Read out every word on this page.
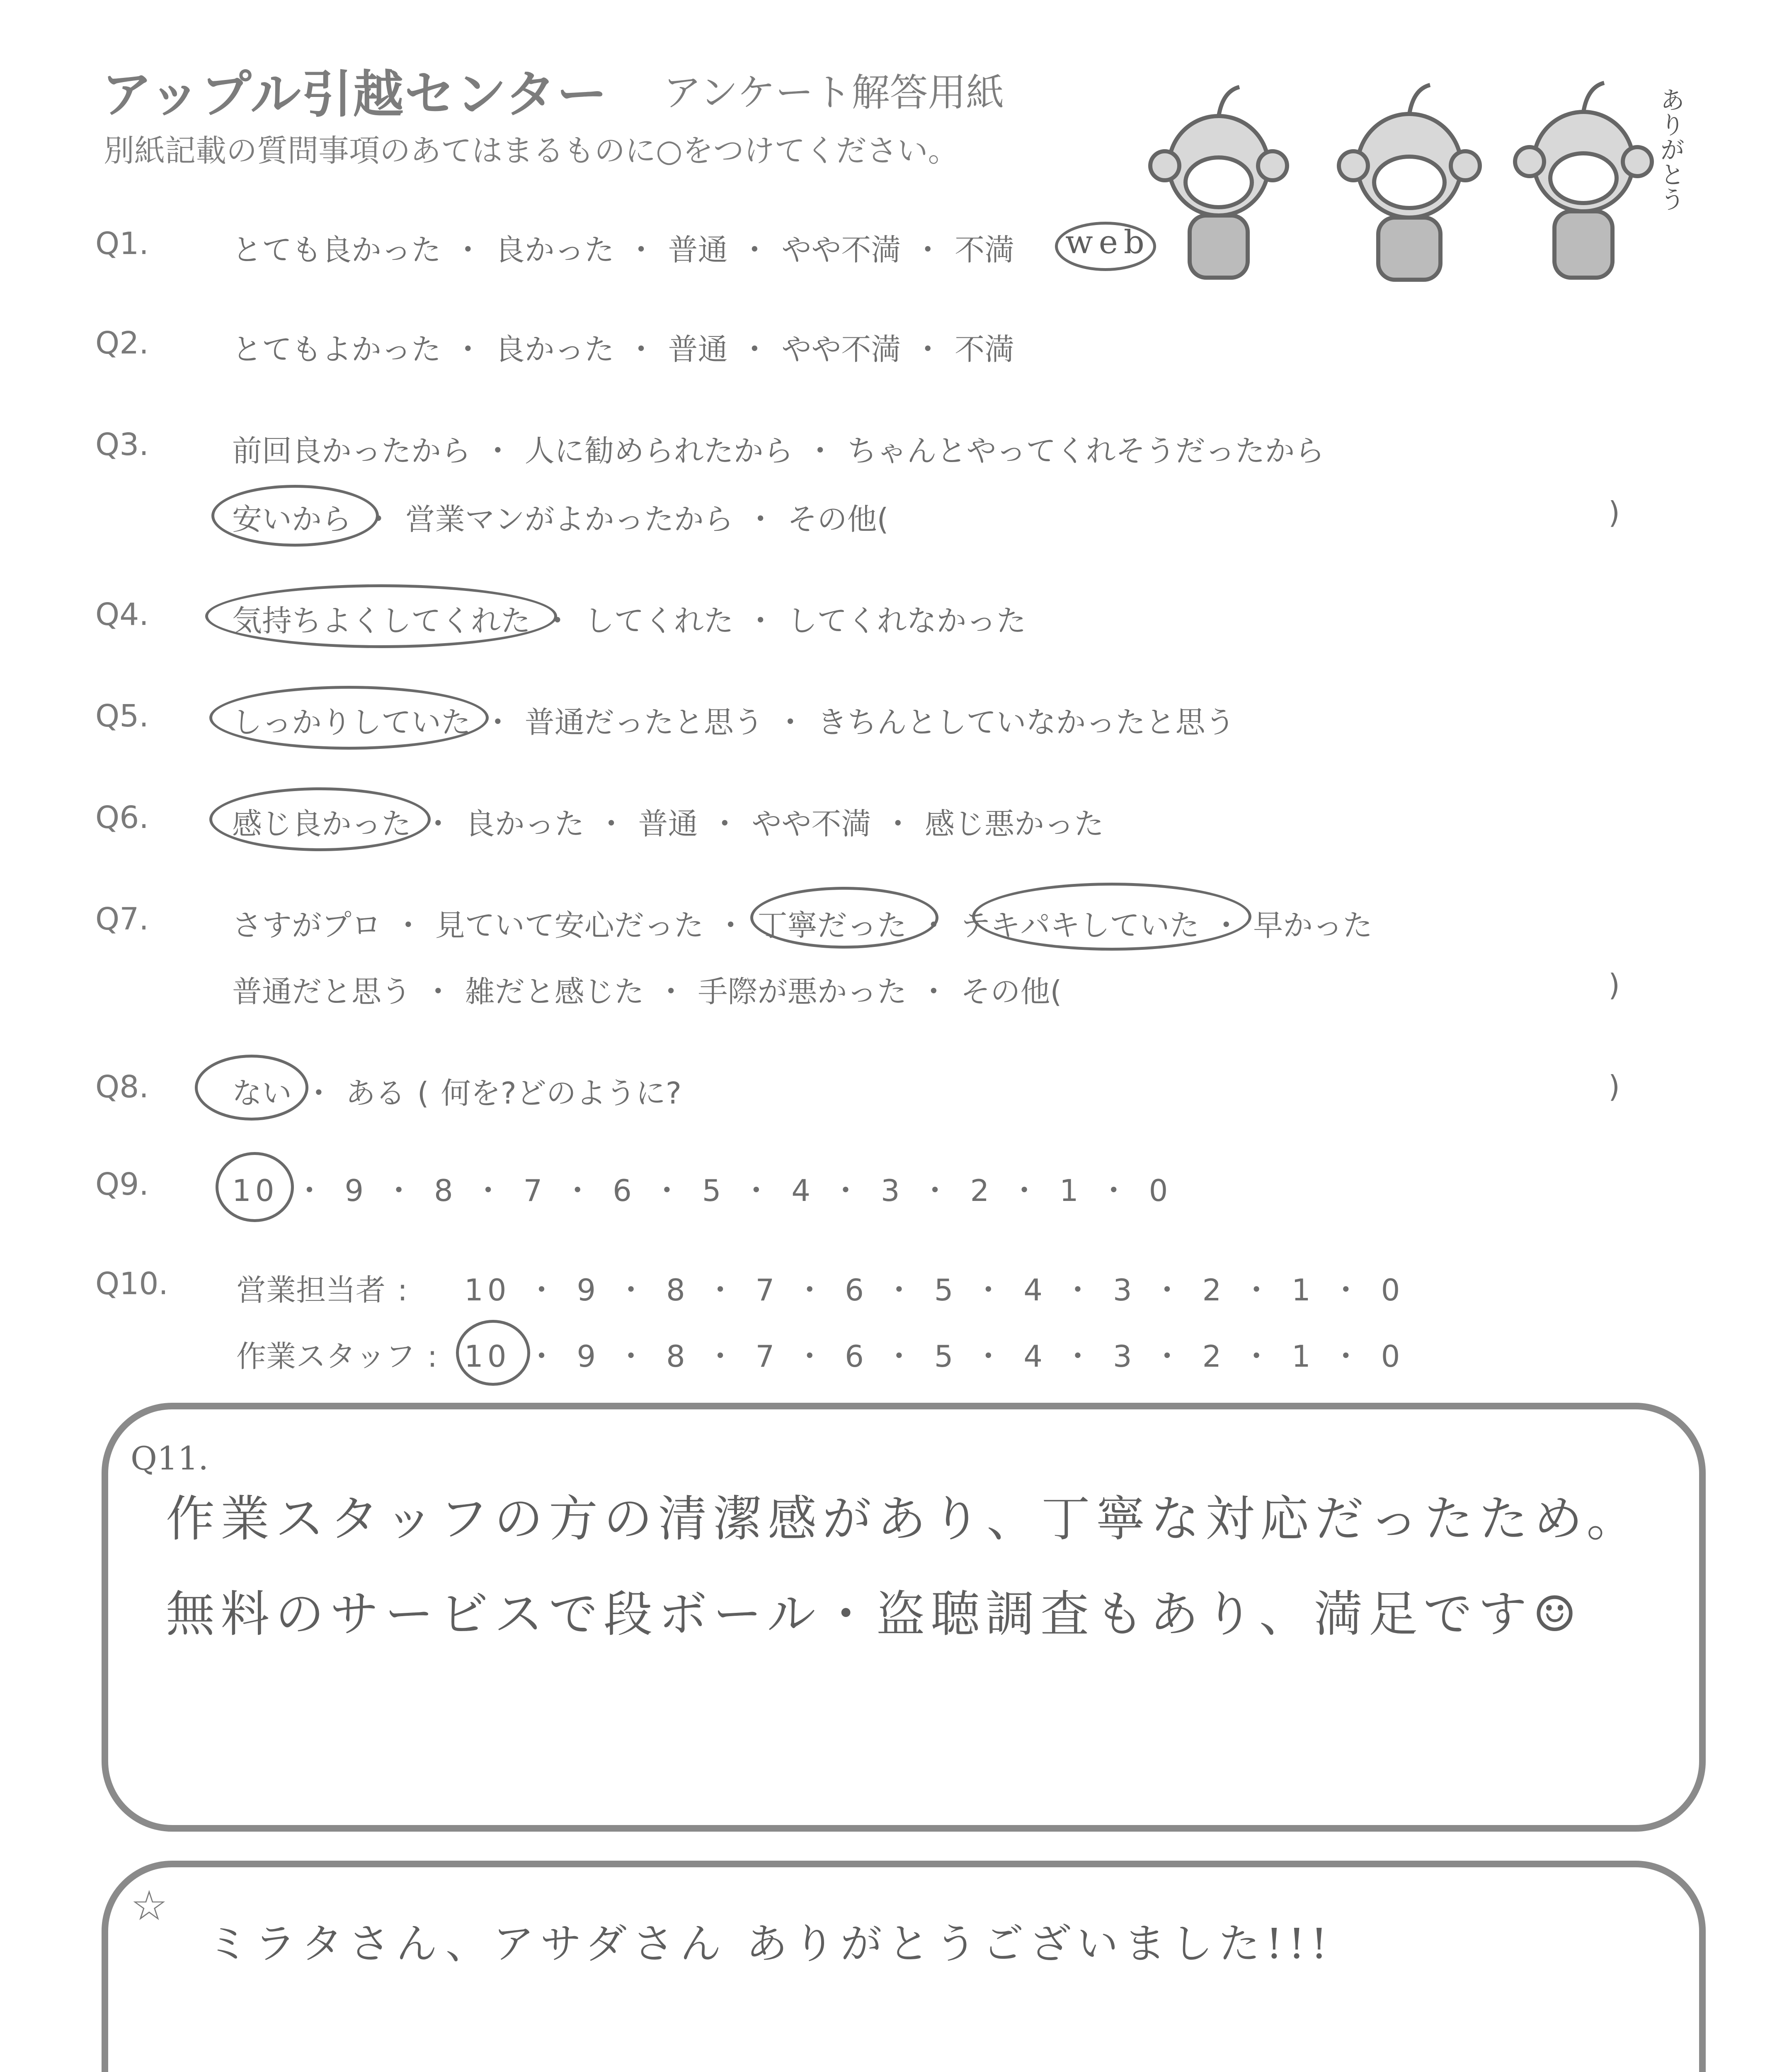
アップル引越センター アンケート解答用紙
別紙記載の質問事項のあてはまるものに○をつけてください。	ありがとう
Q1.	とても良かった ・ 良かった ・ 普通 ・ やや不満 ・ 不満 web
Q2.	とてもよかった ・ 良かった ・ 普通 ・ やや不満 ・ 不満
Q3.	前回良かったから ・ 人に勧められたから ・ ちゃんとやってくれそうだったから
安いから ・ 営業マンがよかったから ・ その他(	)
Q4.	気持ちよくしてくれた ・ してくれた ・ してくれなかった
Q5.	しっかりしていた ・ 普通だったと思う ・ きちんとしていなかったと思う
Q6.	感じ良かった ・ 良かった ・ 普通 ・ やや不満 ・ 感じ悪かった
Q7.	さすがプロ ・ 見ていて安心だった ・ 丁寧だった ・ テキパキしていた ・ 早かった
普通だと思う ・ 雑だと感じた ・ 手際が悪かった ・ その他(	)
Q8.	ない ・ ある ( 何を?どのように?	)
Q9.	10 ・ 9 ・ 8 ・ 7 ・ 6 ・ 5 ・ 4 ・ 3 ・ 2 ・ 1 ・ 0
Q10. 営業担当者 : 10 ・ 9 ・ 8 ・ 7 ・ 6 ・ 5 ・ 4 ・ 3 ・ 2 ・ 1 ・ 0
作業スタッフ : 10 ・ 9 ・ 8 ・ 7 ・ 6 ・ 5 ・ 4 ・ 3 ・ 2 ・ 1 ・ 0
Q11.
作業スタッフの方の清潔感があり、丁寧な対応だったため。
無料のサービスで段ボール・盗聴調査もあり、満足です☺
☆
ミラタさん、アサダさん ありがとうございました!!!
